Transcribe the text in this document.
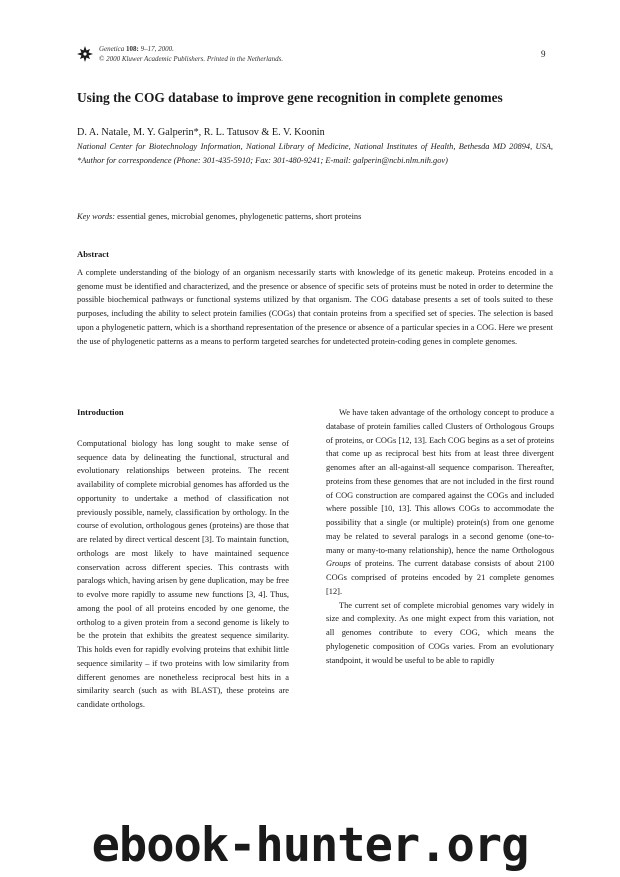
Genetica 108: 9–17, 2000.
© 2000 Kluwer Academic Publishers. Printed in the Netherlands.	9
Using the COG database to improve gene recognition in complete genomes
D. A. Natale, M. Y. Galperin*, R. L. Tatusov & E. V. Koonin
National Center for Biotechnology Information, National Library of Medicine, National Institutes of Health, Bethesda MD 20894, USA, *Author for correspondence (Phone: 301-435-5910; Fax: 301-480-9241; E-mail: galperin@ncbi.nlm.nih.gov)
Key words: essential genes, microbial genomes, phylogenetic patterns, short proteins
Abstract
A complete understanding of the biology of an organism necessarily starts with knowledge of its genetic makeup. Proteins encoded in a genome must be identified and characterized, and the presence or absence of specific sets of proteins must be noted in order to determine the possible biochemical pathways or functional systems utilized by that organism. The COG database presents a set of tools suited to these purposes, including the ability to select protein families (COGs) that contain proteins from a specified set of species. The selection is based upon a phylogenetic pattern, which is a shorthand representation of the presence or absence of a particular species in a COG. Here we present the use of phylogenetic patterns as a means to perform targeted searches for undetected protein-coding genes in complete genomes.

Introduction

Computational biology has long sought to make sense of sequence data by delineating the functional, structural and evolutionary relationships between proteins. The recent availability of complete microbial genomes has afforded us the opportunity to undertake a method of classification not previously possible, namely, classification by orthology. In the course of evolution, orthologous genes (proteins) are those that are related by direct vertical descent [3]. To maintain function, orthologs are most likely to have maintained sequence conservation across different species. This contrasts with paralogs which, having arisen by gene duplication, may be free to evolve more rapidly to assume new functions [3, 4]. Thus, among the pool of all proteins encoded by one genome, the ortholog to a given protein from a second genome is likely to be the protein that exhibits the greatest sequence similarity. This holds even for rapidly evolving proteins that exhibit little sequence similarity – if two proteins with low similarity from different genomes are nonetheless reciprocal best hits in a similarity search (such as with BLAST), these proteins are candidate orthologs.

We have taken advantage of the orthology concept to produce a database of protein families called Clusters of Orthologous Groups of proteins, or COGs [12, 13]. Each COG begins as a set of proteins that come up as reciprocal best hits from at least three divergent genomes after an all-against-all sequence comparison. Thereafter, proteins from these genomes that are not included in the first round of COG construction are compared against the COGs and included where possible [10, 13]. This allows COGs to accommodate the possibility that a single (or multiple) protein(s) from one genome may be related to several paralogs in a second genome (one-to-many or many-to-many relationship), hence the name Orthologous Groups of proteins. The current database consists of about 2100 COGs comprised of proteins encoded by 21 complete genomes [12].

The current set of complete microbial genomes vary widely in size and complexity. As one might expect from this variation, not all genomes contribute to every COG, which means the phylogenetic composition of COGs varies. From an evolutionary standpoint, it would be useful to be able to rapidly

ebook-hunter.org
